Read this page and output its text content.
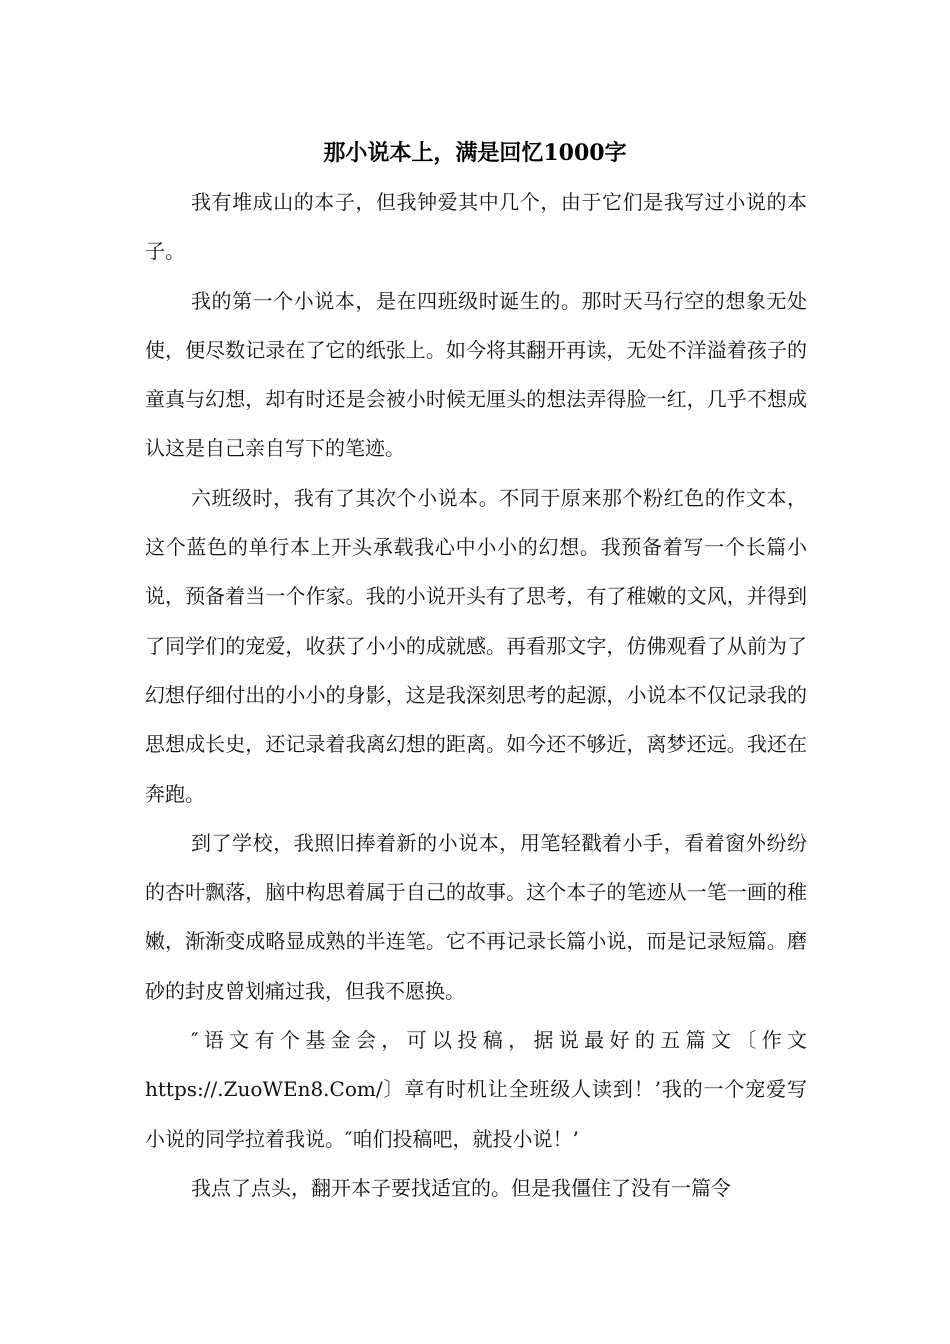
那小说本上，满是回忆1000字

我有堆成山的本子，但我钟爱其中几个，由于它们是我写过小说的本子。

我的第一个小说本，是在四班级时诞生的。那时天马行空的想象无处使，便尽数记录在了它的纸张上。如今将其翻开再读，无处不洋溢着孩子的童真与幻想，却有时还是会被小时候无厘头的想法弄得脸一红，几乎不想成认这是自己亲自写下的笔迹。

六班级时，我有了其次个小说本。不同于原来那个粉红色的作文本，这个蓝色的单行本上开头承载我心中小小的幻想。我预备着写一个长篇小说，预备着当一个作家。我的小说开头有了思考，有了稚嫩的文风，并得到了同学们的宠爱，收获了小小的成就感。再看那文字，仿佛观看了从前为了幻想仔细付出的小小的身影，这是我深刻思考的起源，小说本不仅记录我的思想成长史，还记录着我离幻想的距离。如今还不够近，离梦还远。我还在奔跑。

到了学校，我照旧捧着新的小说本，用笔轻戳着小手，看着窗外纷纷的杏叶飘落，脑中构思着属于自己的故事。这个本子的笔迹从一笔一画的稚嫩，渐渐变成略显成熟的半连笔。它不再记录长篇小说，而是记录短篇。磨砂的封皮曾划痛过我，但我不愿换。

″语文有个基金会，可以投稿，据说最好的五篇文〔作文https://.ZuoWEn8.Com/〕章有时机让全班级人读到！’我的一个宠爱写小说的同学拉着我说。″咱们投稿吧，就投小说！’

我点了点头，翻开本子要找适宜的。但是我僵住了没有一篇令
